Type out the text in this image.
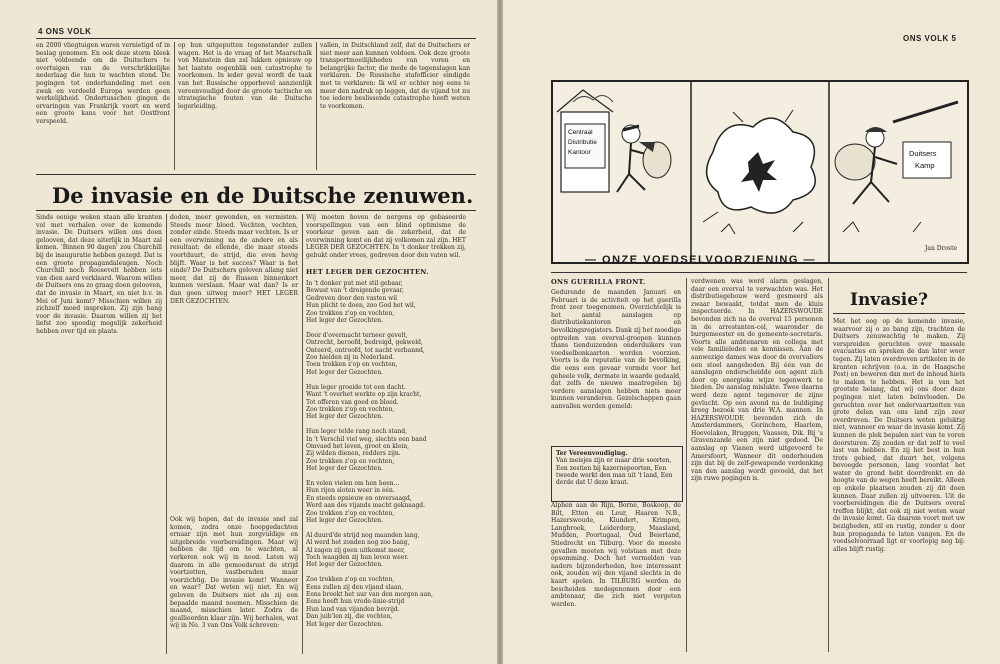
4 ONS VOLK
en 2000 vliegtuigen waren vernietigd of in beslag genomen. En ook deze storm bleek niet voldoende om de Duitschers te overtuigen van de verschrikkelijke nederlaag die hun te wachten stond. De pogingen tot onderhandeling met een zwak en verdeeld Europa werden geen werkelijkheid. Ondertusschen gingen de ervaringen van Frankrijk voort en werd een groote kans voor het Oostfront verspeeld.
op hun uitgeputten tegenstander zullen wagen. Het is de vraag of het Maarschalk von Manstein dan zal lukken opnieuw op het laatste oogenblik een catastrophe te voorkomen. In ieder geval wordt de taak van het Russische opperbevel aanzienlijk vereenvoudigd door de groote tactische en strategische fouten van de Duitsche legerleiding.
vallen, in Duitschland zelf, dat de Duitschers er niet meer aan kunnen voldoen. Ook deze groote transportmoeilijkheden van voren en belangrijke factor, die mede de tegenslagen kan verklaren. De Russische stafofficier eindigde met te verklaren: Ik wil er echter nog eens te meer den nadruk op leggen, dat de vijand tot nu toe iedere beslissende catastrophe heeft weten te voorkomen.
De invasie en de Duitsche zenuwen.
Sinds eenige weken staan alle kranten vol met verhalen over de komende invasie. De Duitsers willen ons doen gelooven, dat deze uiterlijk in Maart zal komen. 'Binnen 90 dagen' zou Churchill bij de inauguratie hebben gezegd. Dat is een groote propagandaleugen. Noch Churchill noch Roosevelt hebben iets van dien aard verklaard. Waarom willen de Duitsers ons zo graag doen gelooven, dat de invasie in Maart, en niet b.v. in Mei of Juni komt? Misschien willen zij zichzelf moed inspreken. Zij zijn bang voor de invasie. Daarom willen zij het liefst zoo spoedig mogelijk zekerheid hebben over tijd en plaats.
doden, meer gewonden, en vermisten. Steeds meer bloed. Vechten, vechten, zonder einde. Steeds maar vechten. Is er een overwinning na de andere en als resultaat: de ellende, die maar steeds voortduurt, de strijd, die even hevig blijft. Waar is het succes? Waar is het einde? De Duitschers geloven allang niet meer, dat zij de Russen binnenkort kunnen verslaan. Maar wat dan? Is er dan geen uitweg meer? HET LEGER DER GEZOCHTEN.
Ook wij hopen, dat de invasie snel zal komen, zodra onze hoopgedachten ernaar zijn met hun zorgvuldige en uitgebreide voorbereidingen. Maar wij hebben de tijd om te wachten, al verkeren ook wij in nood. Laten wij daarom in alle gemoedsrust de strijd voortzetten, vastberaden maar voorzichtig. De invasie komt! Wanneer en waar? Dat weten wij niet. En wij geloven de Duitsers niet als zij een bepaalde maand noemen. Misschien de maand, misschien later. Zodra de geallieerden klaar zijn. Wij herhalen, wat wij in No. 3 van Ons Volk schreven:
Wij moeten hoven de nergens op gebaseerde voorspellingen van een blind optimisme de voorkeur geven aan de zekerheid, dat de overwinning komt en dat zij volkomen zal zijn. HET LEGER DER GEZOCHTEN. In 't donker trekken zij, gebukt onder vrees, gedreven door den vaten wil.
HET LEGER DER GEZOCHTEN.
In 't donker put met stil gebaar,
Bewust van 't dreigende gevaar,
Gedreven door den vasten wil
Hun plicht te doen, zoo God het wil,
Zoo trokken z'op en vochten,
Het leger der Gezochten.

Door d'overmacht terneer gevelt,
Ontrecht, beroofd, bedreigd, gekweld,
Onteerd, ontroofd, tot nacht verbannd,
Zoo hielden zij in Nederland.
Toen trokken z'op en vochten,
Het leger der Gezochten.

Hun leger groeide tot een dacht.
Want 't overhet werkte op zijn kracht,
Tot offeren van goed en bloed.
Zoo trokken z'op en vochten,
Het leger der Gezochten.

Hun leger telde rang noch stand,
In 't Verschil viel weg, slechts een band
Omvaed het leven, groot en klein,
Zij wilden dienen, redders zijn.
Zoo trokken z'op en vochten,
Het leger der Gezochten.

En velen vielen om hen heen...
Hun rijen sloten weer in één.
En steeds opnieuw en onversaagd,
Werd aan des vijands macht geknaagd.
Zoo trokken z'op en vochten,
Het leger der Gezochten.

Al duurd'de strijd nog maanden lang,
Al werd het zonden nog zoo bang,
Al zagen zij geen uitkomst meer,
Toch waagden zij hun leven weer.
Het leger der Gezochten.

Zoo trokken z'op en vochten,
Eens zullen zij den vijand slaan,
Eens breekt het uur van den morgen aan,
Eens heeft hun vrede-linie-strijd
Hun land van vijanden bevrijd.
Dan juib'len zij, die vochten,
Het leger der Gezochten.
ONS VOLK 5
Centraal
Distributie
Kantoor	Duitsers
Kamp
Jan Droste
— ONZE VOEDSELVOORZIENING —
ONS GUERILLA FRONT.
Gedurende de maanden Januari en Februari is de activiteit op het guerilla front zeer toegenomen. Overzichtelijk is het aantal aanslagen op distributiekantoren en bevolkingsregisters. Dank zij het moedige optreden van overval-groepen kunnen thans tienduizenden onderduikers van voedselbonkaarten worden voorzien. Voorts is de reputatie van de bevolking, die eens een gevaar vormde voor het geheele volk, dermate in waarde gedaald, dat zelfs de nieuwe maatregelen bij verdere aanslagen hebben niets meer kunnen veranderen. Gezelschappen gaan aanvallen werden gemeld:
Ter Vereenvoudiging.
Van meisjes zijn er maar drie soorten, Een zestien bij kazernepoorten, Een tweede werkt den man uit 't land, Een derde dat U deze kraut.
Alphen aan de Rijn, Borne, Boskoop, de Bilt, Etten en Leur, Haaren N.B., Hazerswoude, Klundert, Krimpen, Langbroek, Leiderdorp, Maasland, Mudden, Poortugaal, Oud Beierland, Stiedrecht en Tilburg. Voor de meeste gevallen moeten wij volstaan met deze opsomming. Doch het vermelden van nadere bijzonderheden, hoe interessant ook, zouden wij den vijand slechts in de kaart spelen. In TILBURG werden de bescheiden medegenomen door een ambtenaar, die zich niet vergeten werden.
verdwenen was werd alarm geslagen, daar een overval te verwachten was. Het distributiegebouw werd gesmeerd als zwaar bewaakt, totdat men de kluis inspecteerde. In HAZERSWOUDE bevonden zich na de overval 15 personen in de arrestanten-cel, waaronder de burgemeester en de gemeente-secretaris. Voorts alle ambtenaren en collega met vele familieleden en kennissen. Aan de aanwezige dames was door de overvallers een stoel aangeboden. Bij één van de aanslagen onderscheidde een agent zich door op energieke wijze tegenwerk te bieden. De aanslag mislukte. Twee daarna werd deze agent tegenover de zijne gevlucht. Op een avond na de buldiging kreeg bezoek van drie W.A. mannen. In HAZERSWOUDE bevonden zich de Amsterdammers, Gorinchem, Haarlem, Hoevelaken, Bruggen, Vaassen, Dik. Bij 's Gravenzande een zijn niet gedood. De aanslag op Vianen werd uitgevoerd te Amersfoort, Wanneer dit onderhouden zijn dat bij de zelf-gewapende verdenking van den aanslag wordt gevoeld, dat het zijn ruwe pogingen is.
Invasie?
Met het oog op de komende invasie, waarvoor zij o zo bang zijn, trachten de Duitsers zenuwachtig te maken. Zij verspreiden geruchten over massale evacuaties en spreken de dan later weer tegen. Zij laten overdreven artikelen in de kranten schrijven (o.a. in de Haagsche Post) en beweren dan met de inhoud hiets te maken te hebben. Het is van het grootste belang, dat wij ons door deze pogingen niet laten beïnvloeden. De geruchten over het ondervaartzetten van grote delen van ons land zijn zeer overdreven. De Duitsers weten geluktig niet, wanneer en waar de invasie komt. Zij kunnen de plek bepalen niet van te voren doorsturen. Zij zouden er dat zelf te veel last van hebben. En zij het best in hun trots gebied, dat duurt het, volgens bevoegde personen, lang voordat het water de grond hebt doordrenkt en de hoogte van de wegen heeft bereikt. Alleen op enkele plaatsen zouden zij dit doen kunnen. Daar zullen zij uitvoeren. Uit de voorbereidingen die de Duitsers overal treffen blijkt, dat ook zij niet weten waar de invasie komt. Ga daarom voort met uw bezigheden, stil en rustig, zonder u door hun propaganda te laten vangen. En de voedselvoorraad ligt er voorlopig nog bij: alles blijft rustig.
